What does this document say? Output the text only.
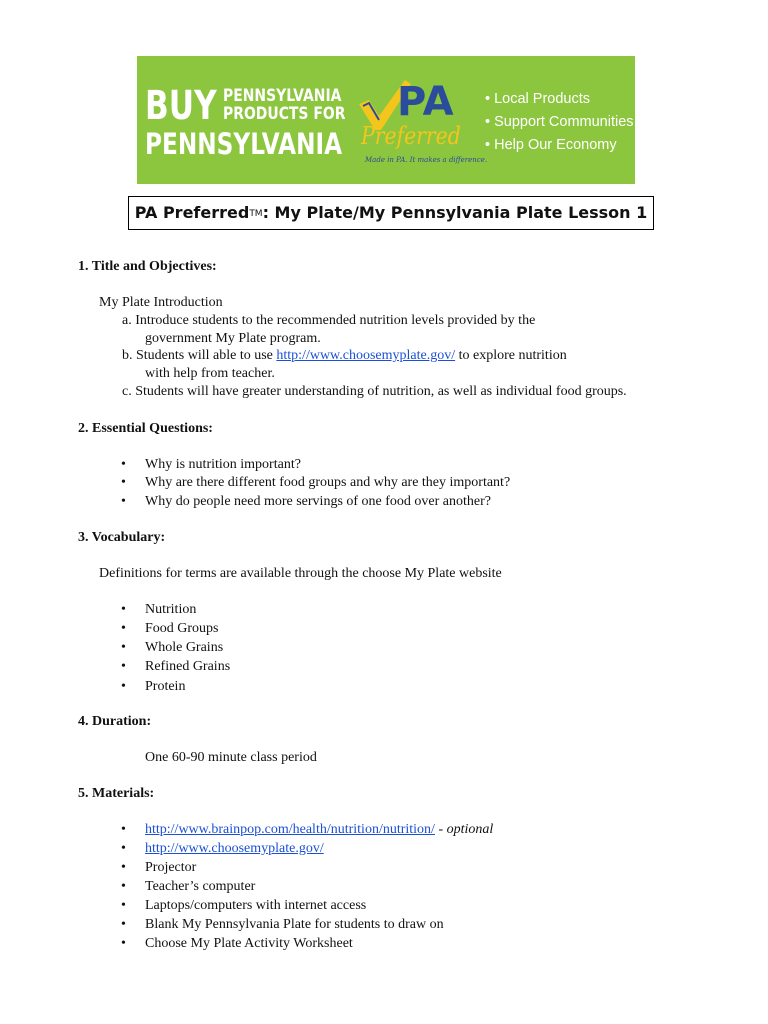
BUY PENNSYLVANIA
PRODUCTS FOR
PENNSYLVANIA
PA
Preferred
Made in PA. It makes a difference.
• Local Products
• Support Communities
• Help Our Economy
PA PreferredTM: My Plate/My Pennsylvania Plate Lesson 1
1. Title and Objectives:
My Plate Introduction
a. Introduce students to the recommended nutrition levels provided by the
government My Plate program.
b. Students will able to use http://www.choosemyplate.gov/ to explore nutrition
with help from teacher.
c. Students will have greater understanding of nutrition, as well as individual food groups.
2. Essential Questions:
• Why is nutrition important?
• Why are there different food groups and why are they important?
• Why do people need more servings of one food over another?
3. Vocabulary:
Definitions for terms are available through the choose My Plate website
• Nutrition
• Food Groups
• Whole Grains
• Refined Grains
• Protein
4. Duration:
One 60-90 minute class period
5. Materials:
• http://www.brainpop.com/health/nutrition/nutrition/ - optional
• http://www.choosemyplate.gov/
• Projector
• Teacher’s computer
• Laptops/computers with internet access
• Blank My Pennsylvania Plate for students to draw on
• Choose My Plate Activity Worksheet
